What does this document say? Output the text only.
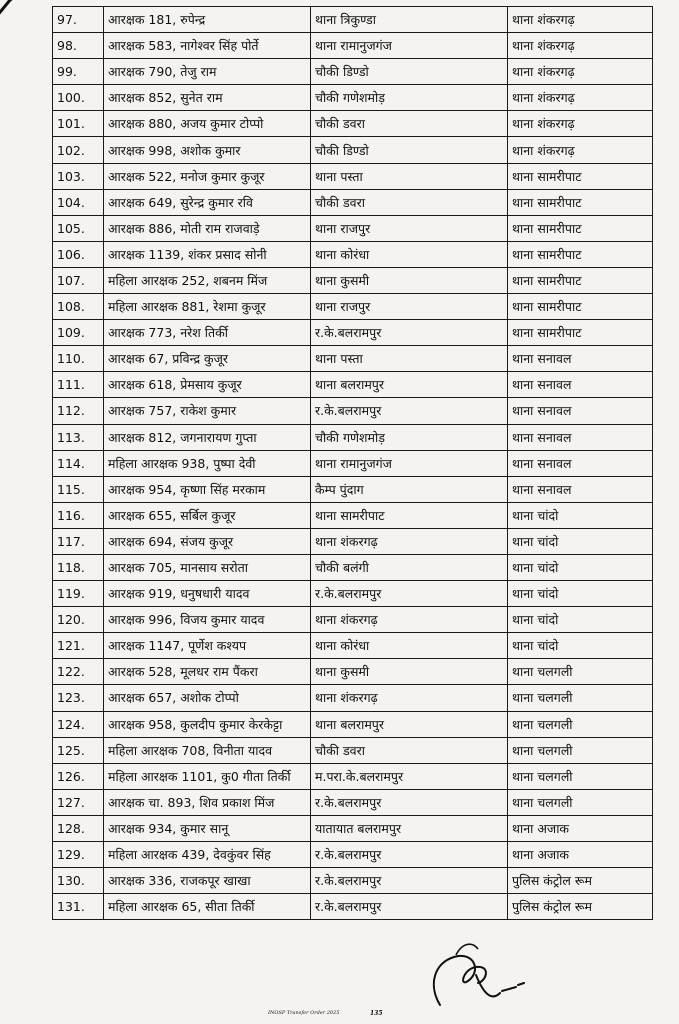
97.	आरक्षक 181, रुपेन्द्र	थाना त्रिकुण्डा	थाना शंकरगढ़
98.	आरक्षक 583, नागेश्वर सिंह पोर्ते	थाना रामानुजगंज	थाना शंकरगढ़
99.	आरक्षक 790, तेजु राम	चौकी डिण्डो	थाना शंकरगढ़
100.	आरक्षक 852, सुनेत राम	चौकी गणेशमोड़	थाना शंकरगढ़
101.	आरक्षक 880, अजय कुमार टोप्पो	चौकी डवरा	थाना शंकरगढ़
102.	आरक्षक 998, अशोक कुमार	चौकी डिण्डो	थाना शंकरगढ़
103.	आरक्षक 522, मनोज कुमार कुजूर	थाना पस्ता	थाना सामरीपाट
104.	आरक्षक 649, सुरेन्द्र कुमार रवि	चौकी डवरा	थाना सामरीपाट
105.	आरक्षक 886, मोती राम राजवाड़े	थाना राजपुर	थाना सामरीपाट
106.	आरक्षक 1139, शंकर प्रसाद सोनी	थाना कोरंधा	थाना सामरीपाट
107.	महिला आरक्षक 252, शबनम मिंज	थाना कुसमी	थाना सामरीपाट
108.	महिला आरक्षक 881, रेशमा कुजूर	थाना राजपुर	थाना सामरीपाट
109.	आरक्षक 773, नरेश तिर्की	र.के.बलरामपुर	थाना सामरीपाट
110.	आरक्षक 67, प्रविन्द्र कुजूर	थाना पस्ता	थाना सनावल
111.	आरक्षक 618, प्रेमसाय कुजूर	थाना बलरामपुर	थाना सनावल
112.	आरक्षक 757, राकेश कुमार	र.के.बलरामपुर	थाना सनावल
113.	आरक्षक 812, जगनारायण गुप्ता	चौकी गणेशमोड़	थाना सनावल
114.	महिला आरक्षक 938, पुष्पा देवी	थाना रामानुजगंज	थाना सनावल
115.	आरक्षक 954, कृष्णा सिंह मरकाम	कैम्प पुंदाग	थाना सनावल
116.	आरक्षक 655, सर्बिल कुजूर	थाना सामरीपाट	थाना चांदो
117.	आरक्षक 694, संजय कुजूर	थाना शंकरगढ़	थाना चांदो
118.	आरक्षक 705, मानसाय सरोता	चौकी बलंगी	थाना चांदो
119.	आरक्षक 919, धनुषधारी यादव	र.के.बलरामपुर	थाना चांदो
120.	आरक्षक 996, विजय कुमार यादव	थाना शंकरगढ़	थाना चांदो
121.	आरक्षक 1147, पूर्णेश कश्यप	थाना कोरंधा	थाना चांदो
122.	आरक्षक 528, मूलधर राम पैंकरा	थाना कुसमी	थाना चलगली
123.	आरक्षक 657, अशोक टोप्पो	थाना शंकरगढ़	थाना चलगली
124.	आरक्षक 958, कुलदीप कुमार केरकेट्टा	थाना बलरामपुर	थाना चलगली
125.	महिला आरक्षक 708, विनीता यादव	चौकी डवरा	थाना चलगली
126.	महिला आरक्षक 1101, कु0 गीता तिर्की	म.परा.के.बलरामपुर	थाना चलगली
127.	आरक्षक चा. 893, शिव प्रकाश मिंज	र.के.बलरामपुर	थाना चलगली
128.	आरक्षक 934, कुमार सानू	यातायात बलरामपुर	थाना अजाक
129.	महिला आरक्षक 439, देवकुंवर सिंह	र.के.बलरामपुर	थाना अजाक
130.	आरक्षक 336, राजकपूर खाखा	र.के.बलरामपुर	पुलिस कंट्रोल रूम
131.	महिला आरक्षक 65, सीता तिर्की	र.के.बलरामपुर	पुलिस कंट्रोल रूम
INOSP Transfer Order 2025	135
